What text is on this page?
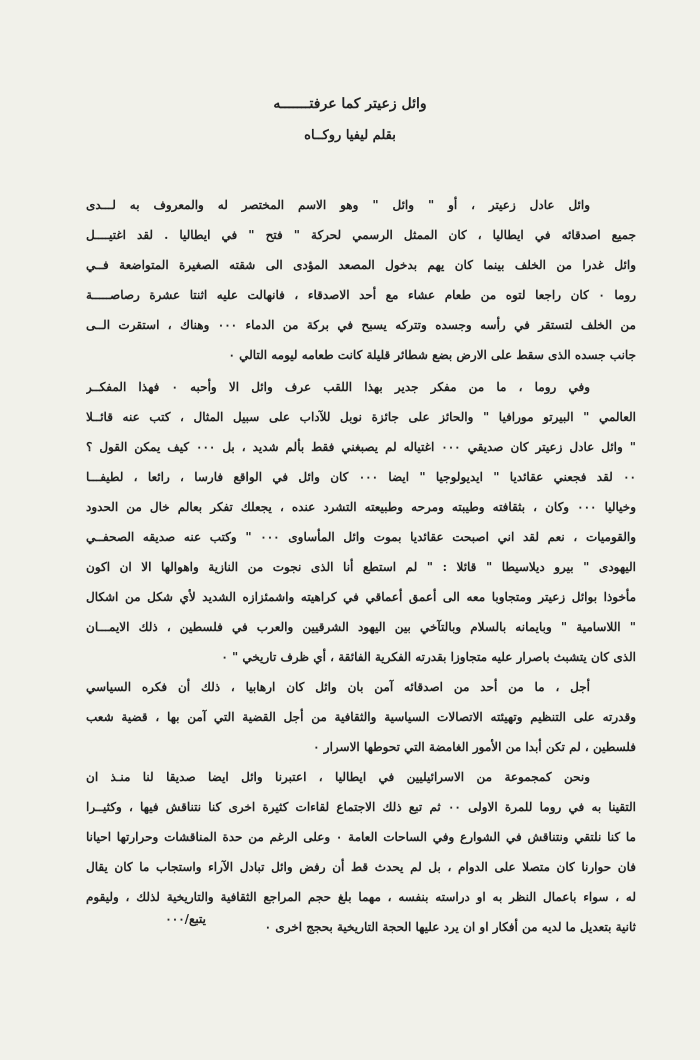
وائل زعيتر كما عرفتـــــــه
بقلم ليفيا روكــاه
وائل عادل زعيتر ، أو " وائل " وهو الاسم المختصر له والمعروف به لـــدى
جميع اصدقائه في ايطاليا ، كان الممثل الرسمي لحركة " فتح " في ايطاليا . لقد اغتيــــل
وائل غدرا من الخلف بينما كان يهم بدخول المصعد المؤدى الى شقته الصغيرة المتواضعة فــي
روما ٠ كان راجعا لتوه من طعام عشاء مع أحد الاصدقاء ، فانهالت عليه اثنتا عشرة رصاصـــــة
من الخلف لتستقر في رأسه وجسده وتتركه يسبح في بركة من الدماء ٠٠٠ وهناك ، استقرت الــى
جانب جسده الذى سقط على الارض بضع شطائر قليلة كانت طعامه ليومه التالي ٠
وفي روما ، ما من مفكر جدير بهذا اللقب عرف وائل الا وأحبه ٠ فهذا المفكــر
العالمي " البيرتو مورافيا " والحائز على جائزة نوبل للآداب على سبيل المثال ، كتب عنه قائــلا
" وائل عادل زعيتر كان صديقي ٠٠٠ اغتياله لم يصبغني فقط بألم شديد ، بل ٠٠٠ كيف يمكن القول ؟
٠٠ لقد فجعني عقائديا " ايديولوجيا " ايضا ٠٠٠ كان وائل في الواقع فارسا ، رائعا ، لطيفـــا
وخياليا ٠٠٠ وكان ، بثقافته وطيبته ومرحه وطبيعته التشرد عنده ، يجعلك تفكر بعالم خال من الحدود
والقوميات ، نعم لقد اني اصبحت عقائديا بموت وائل المأساوى ٠٠٠ " وكتب عنه صديقه الصحفــي
اليهودى " بيرو ديلاسيطا " قائلا : " لم استطع أنا الذى نجوت من النازية واهوالها الا ان اكون
مأخوذا بوائل زعيتر ومتجاوبا معه الى أعمق أعماقي في كراهيته واشمئزازه الشديد لأي شكل من اشكال
" اللاسامية " وبايمانه بالسلام وبالتآخي بين اليهود الشرقيين والعرب في فلسطين ، ذلك الايمـــان
الذى كان يتشبث باصرار عليه متجاوزا بقدرته الفكرية الفائقة ، أي ظرف تاريخي " ٠
أجل ، ما من أحد من اصدقائه آمن بان وائل كان ارهابيا ، ذلك أن فكره السياسي
وقدرته على التنظيم وتهيئته الاتصالات السياسية والثقافية من أجل القضية التي آمن بها ، قضية شعب
فلسطين ، لم تكن أبدا من الأمور الغامضة التي تحوطها الاسرار ٠
ونحن كمجموعة من الاسرائيليين في ايطاليا ، اعتبرنا وائل ايضا صديقا لنا منـذ ان
التقينا به في روما للمرة الاولى ٠٠ ثم تبع ذلك الاجتماع لقاءات كثيرة اخرى كنا نتناقش فيها ، وكثيــرا
ما كنا نلتقي ونتناقش في الشوارع وفي الساحات العامة ٠ وعلى الرغم من حدة المناقشات وحرارتها احيانا
فان حوارنا كان متصلا على الدوام ، بل لم يحدث قط أن رفض وائل تبادل الآراء واستجاب ما كان يقال
له ، سواء باعمال النظر به او دراسته بنفسه ، مهما بلغ حجم المراجع الثقافية والتاريخية لذلك ، وليقوم
ثانية بتعديل ما لديه من أفكار او ان يرد عليها الحجة التاريخية بحجج اخرى ٠

يتبع/٠٠٠
